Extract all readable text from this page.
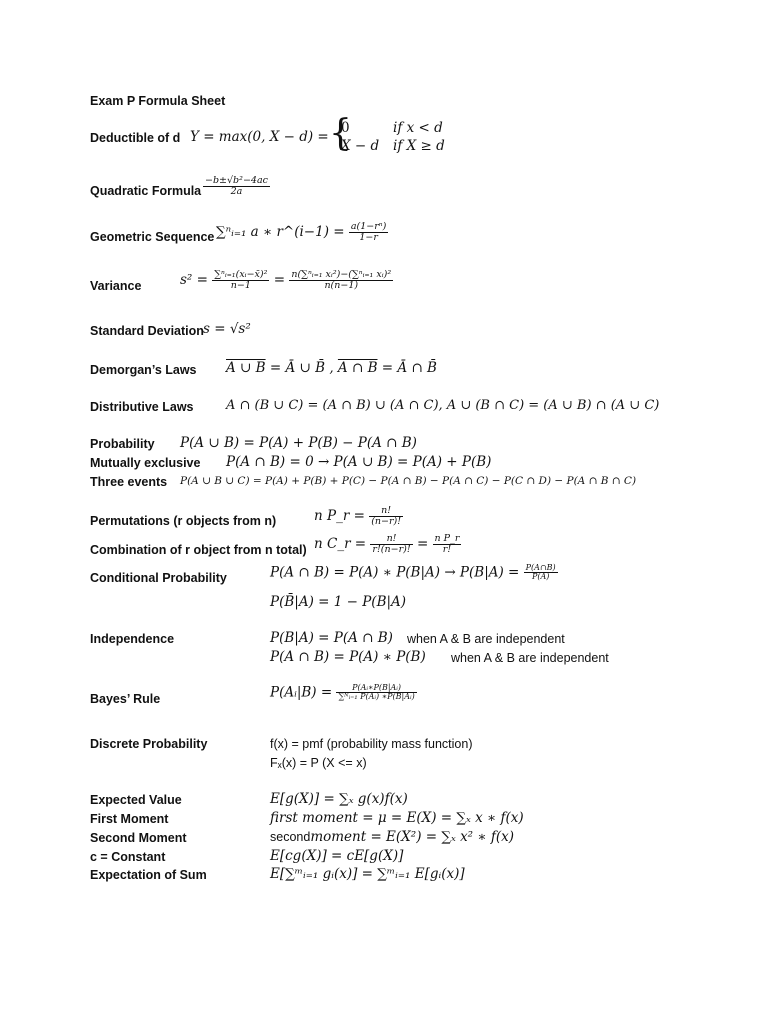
Exam P Formula Sheet
Deductible of d Y = max(0, X − d) =
{ 0	if x < d
X − d if X ≥ d
Quadratic Formula $\frac{\text{−b±√b²−4ac}}{2a}$
Geometric Sequence ∑ⁿᵢ₌₁ a ∗ r^(i−1) = $\frac{\text{a(1−rⁿ)}}{1-r}$
Variance	$s^2 = \frac{\text{∑ⁿᵢ₌₁(xᵢ−x̄)²}}{n-1} = \frac{\text{n(∑ⁿᵢ₌₁ xᵢ²)−(∑ⁿᵢ₌₁ xᵢ)²}}{n(n-1)}$
Standard Deviation s = √s²
Demorgan’s Laws A ∪ B = Ā ∪ B̄ , A ∩ B = Ā ∩ B̄
Distributive Laws	A ∩ (B ∪ C) = (A ∩ B) ∪ (A ∩ C), A ∪ (B ∩ C) = (A ∪ B) ∩ (A ∪ C)
Probability P(A ∪ B) = P(A) + P(B) − P(A ∩ B)
Mutually exclusive P(A ∩ B) = 0 → P(A ∪ B) = P(A) + P(B)
Three events P(A ∪ B ∪ C) = P(A) + P(B) + P(C) − P(A ∩ B) − P(A ∩ C) − P(C ∩ D) − P(A ∩ B ∩ C)
Permutations (r objects from n)	n P_r = $\frac{n!}{(n-r)!}$
Combination of r object from n total) n C_r = $\frac{n!}{r!(n-r)!} = \frac{\text{n P\_r}}{r!}$
Conditional Probability	P(A ∩ B) = P(A) ∗ $P(B|A) \to P(B|A) = \frac{P(A\cap B)}{P(A)}$
P(B̄|A) = 1 − P(B|A)
Independence	P(B|A) = P(A ∩ B) when A & B are independent
P(A ∩ B) = P(A) ∗ P(B) when A & B are independent
Bayes’ Rule	P(Aᵢ|B) = $\frac{\text{P(Aᵢ∗P(B|Aᵢ)}}{\text{∑ᴺᵢ₌₁ P(Aᵢ) ∗P(B|Aᵢ)}}$
Discrete Probability	f(x) = pmf (probability mass function)
Fₓ(x) = P (X <= x)
Expected Value	E[g(X)] = ∑ₓ g(x)f(x)
First Moment	first moment = μ = E(X) = ∑ₓ x ∗ f(x)
Second Moment	secondmoment = E(X²) = ∑ₓ x² ∗ f(x)
c = Constant	E[cg(X)] = cE[g(X)]
Expectation of Sum	E[∑ᵐᵢ₌₁ gᵢ(x)] = ∑ᵐᵢ₌₁ E[gᵢ(x)]
